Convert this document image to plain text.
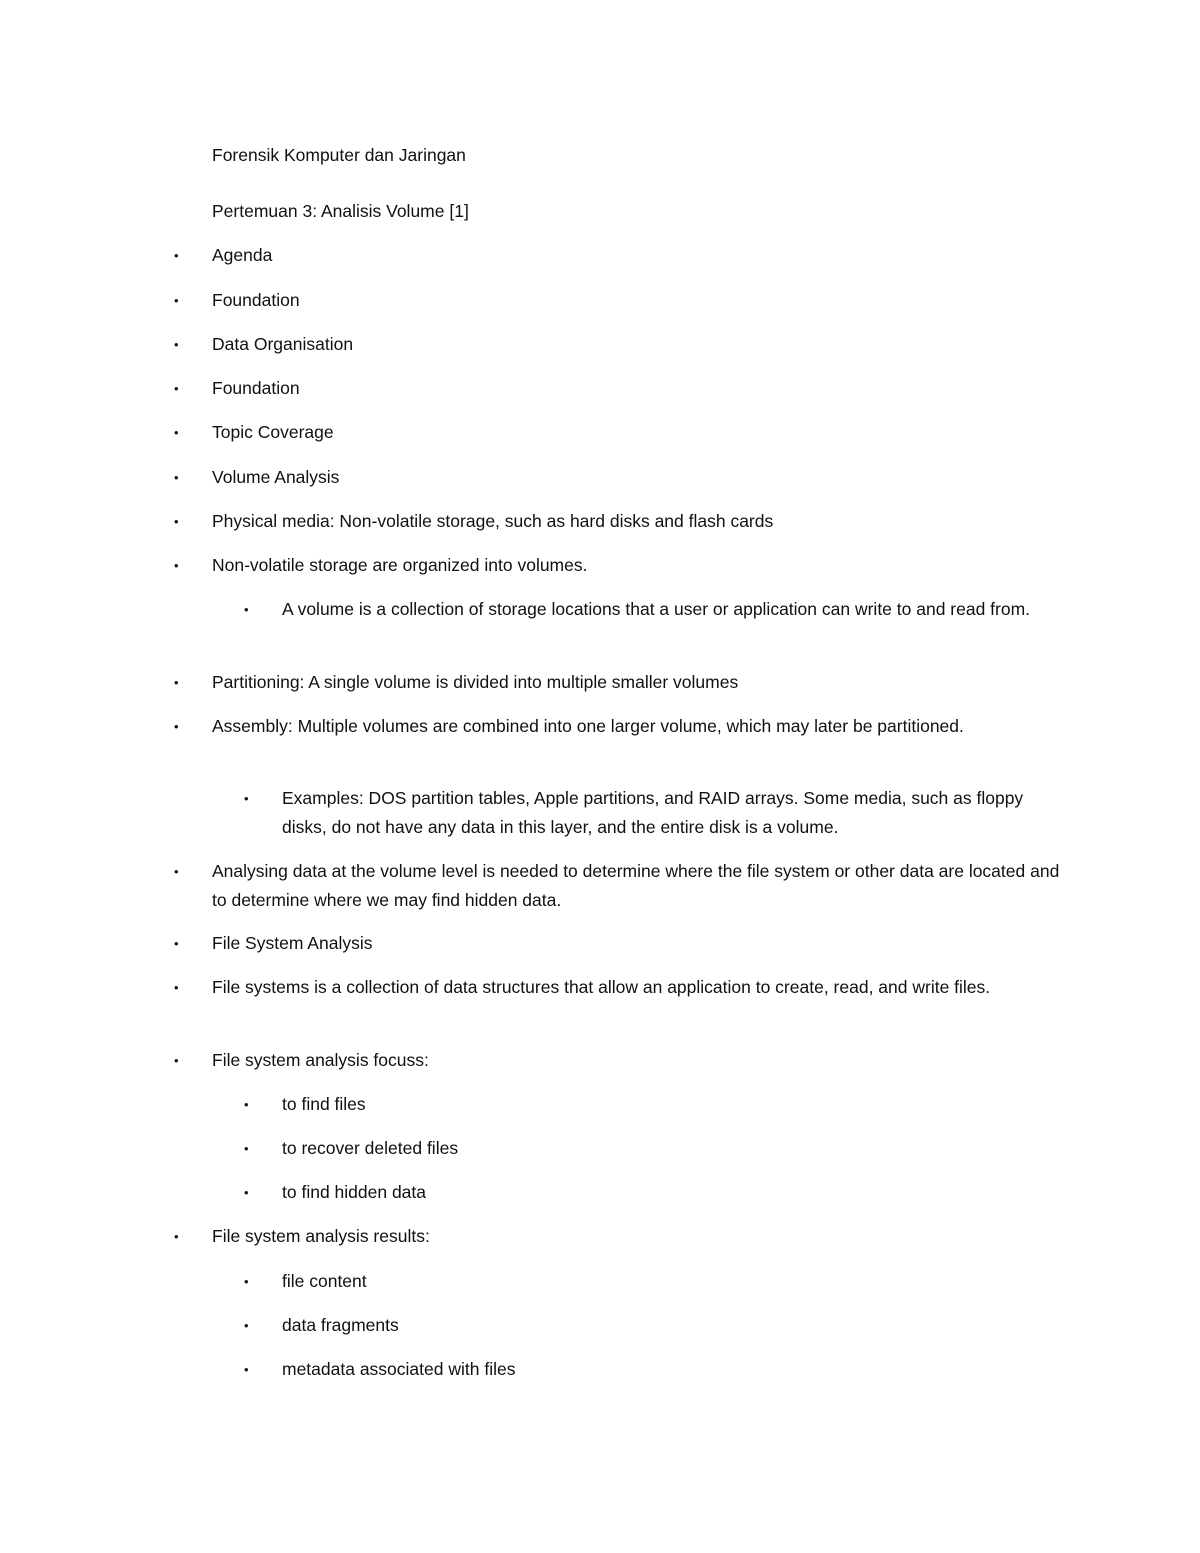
Forensik Komputer dan Jaringan
Pertemuan 3: Analisis Volume [1]
• Agenda
• Foundation
• Data Organisation
• Foundation
• Topic Coverage
• Volume Analysis
• Physical media: Non-volatile storage, such as hard disks and flash cards
• Non-volatile storage are organized into volumes.
• A volume is a collection of storage locations that a user or application can write to and read from.
• Partitioning: A single volume is divided into multiple smaller volumes
• Assembly: Multiple volumes are combined into one larger volume, which may later be partitioned.
• Examples: DOS partition tables, Apple partitions, and RAID arrays. Some media, such as floppy disks, do not have any data in this layer, and the entire disk is a volume.
• Analysing data at the volume level is needed to determine where the file system or other data are located and to determine where we may find hidden data.
• File System Analysis
• File systems is a collection of data structures that allow an application to create, read, and write files.
• File system analysis focuss:
• to find files
• to recover deleted files
• to find hidden data
• File system analysis results:
• file content
• data fragments
• metadata associated with files
